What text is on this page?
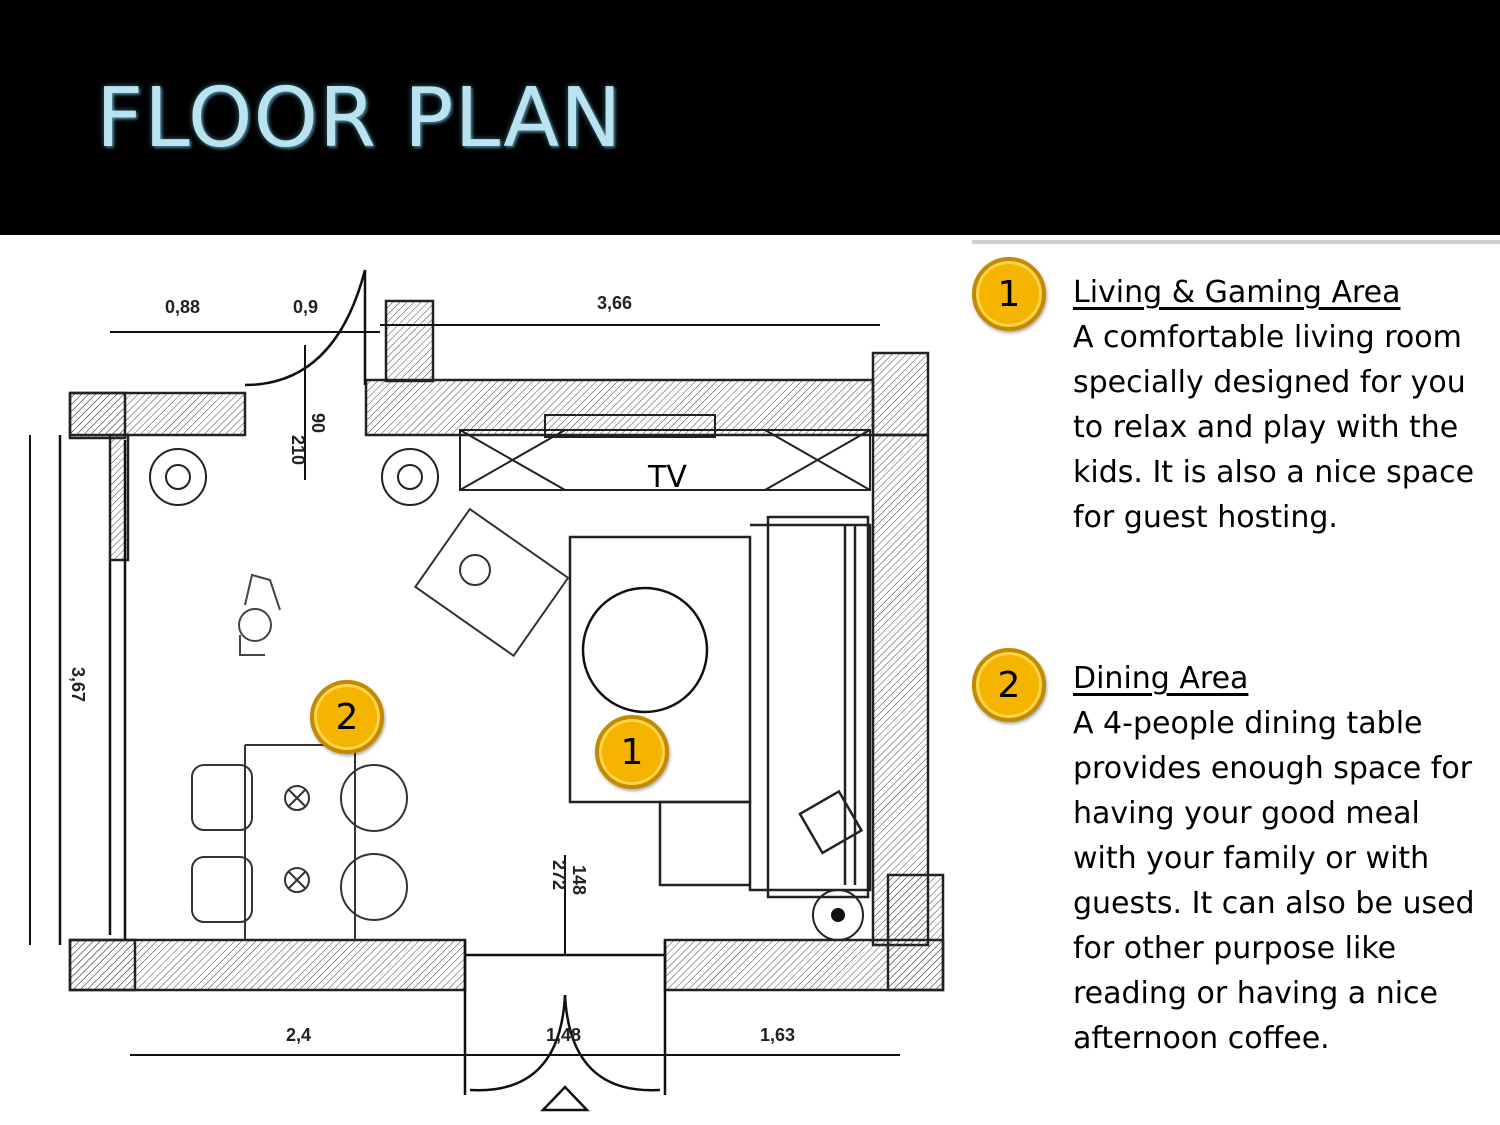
FLOOR PLAN
TV
0,88	0,9	3,66
2,4	1,48	1,63
3,67
210
90
272 148
1
2
1	Living & Gaming Area
A comfortable living room specially designed for you to relax and play with the kids. It is also a nice space for guest hosting.
2	Dining Area
A 4-people dining table provides enough space for having your good meal with your family or with guests. It can also be used for other purpose like reading or having a nice afternoon coffee.
